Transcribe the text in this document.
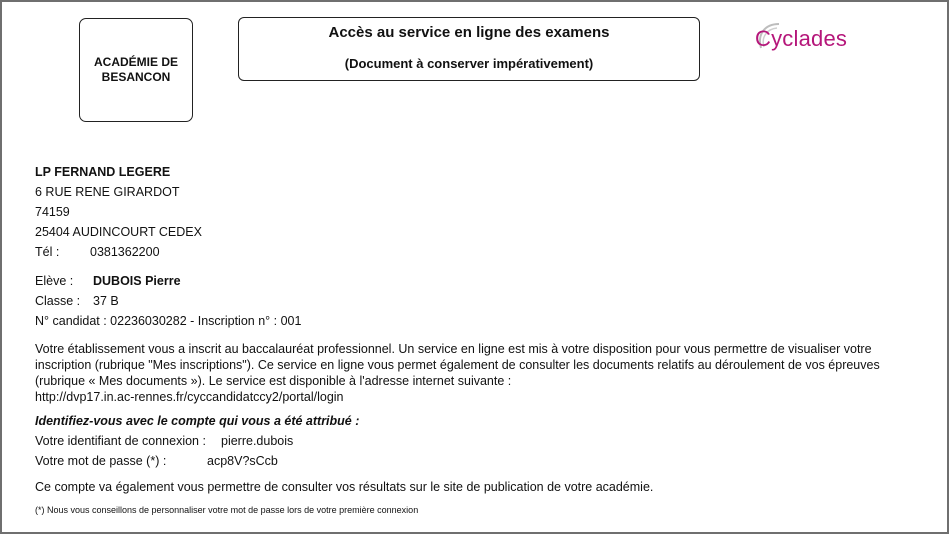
ACADÉMIE DE
BESANCON
Accès au service en ligne des examens
(Document à conserver impérativement)
Cyclades
LP FERNAND LEGERE
6 RUE RENE GIRARDOT
74159
25404 AUDINCOURT CEDEX
Tél : 0381362200
Elève : DUBOIS Pierre
Classe : 37 B
N° candidat : 02236030282 - Inscription n° : 001
Votre établissement vous a inscrit au baccalauréat professionnel. Un service en ligne est mis à votre disposition pour vous permettre de visualiser votre
inscription (rubrique "Mes inscriptions"). Ce service en ligne vous permet également de consulter les documents relatifs au déroulement de vos épreuves
(rubrique « Mes documents »). Le service est disponible à l'adresse internet suivante :
http://dvp17.in.ac-rennes.fr/cyccandidatccy2/portal/login
Identifiez-vous avec le compte qui vous a été attribué :
Votre identifiant de connexion : pierre.dubois
Votre mot de passe (*) :	acp8V?sCcb
Ce compte va également vous permettre de consulter vos résultats sur le site de publication de votre académie.
(*) Nous vous conseillons de personnaliser votre mot de passe lors de votre première connexion
